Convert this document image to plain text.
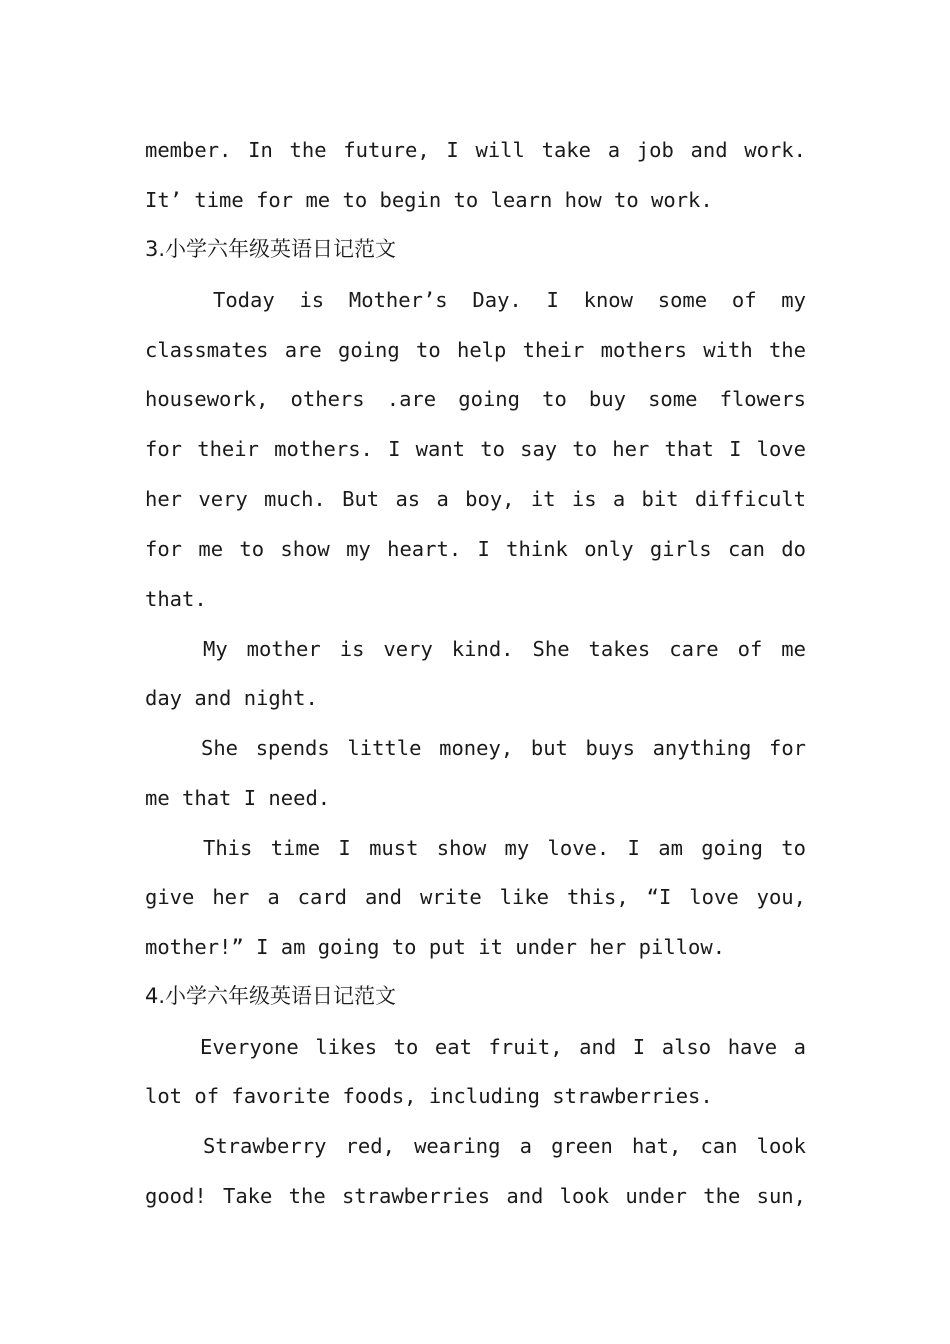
member. In the future, I will take a job and work.
It’ time for me to begin to learn how to work.
3.小学六年级英语日记范文
Today is Mother’s Day. I know some of my
classmates are going to help their mothers with the
housework, others .are going to buy some flowers
for their mothers. I want to say to her that I love
her very much. But as a boy, it is a bit difficult
for me to show my heart. I think only girls can do
that.
My mother is very kind. She takes care of me
day and night.
She spends little money, but buys anything for
me that I need.
This time I must show my love. I am going to
give her a card and write like this, “I love you,
mother!” I am going to put it under her pillow.
4.小学六年级英语日记范文
Everyone likes to eat fruit, and I also have a
lot of favorite foods, including strawberries.
Strawberry red, wearing a green hat, can look
good! Take the strawberries and look under the sun,
